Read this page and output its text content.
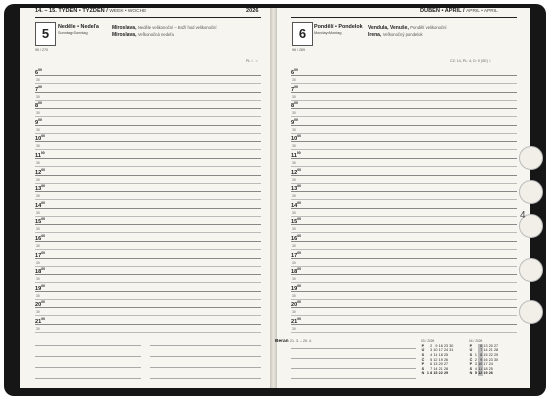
14. – 15. TÝDEN • TÝŽDEŇ / WEEK • WOCHE	2026	DUBEN • APRÍL / APRIL • APRIL
5
95 / 270
Neděle • Nedeľa
Sonntag•Sonntag
Miroslava, Neděle velikonoční – Boží hod velikonoční
Miroslava, Veľkonočná nedeľa
PL ☾ ○
6
96 / 269
Pondělí • Pondelok
Monday•Montag
Vendula, Venuše, Pondělí velikonoční
Irena, Veľkonočný pondelok
CZ: 14, PL: 4, D: 9 (SE) ☾
$6^{00}$
30
$7^{00}$
30
$8^{00}$
30
$9^{00}$
30
$10^{00}$
30
$11^{00}$
30
$12^{00}$
30
$13^{00}$
30
$14^{00}$
30
$15^{00}$
30
$16^{00}$
30
$17^{00}$
30
$18^{00}$
30
$19^{00}$
30
$20^{00}$
30
$21^{00}$
30
$6^{00}$
30
$7^{00}$
30
$8^{00}$
30
$9^{00}$
30
$10^{00}$
30
$11^{00}$
30
$12^{00}$
30
$13^{00}$
30
$14^{00}$
30
$15^{00}$
30
$16^{00}$
30
$17^{00}$
30
$18^{00}$
30
$19^{00}$
30
$20^{00}$
30
$21^{00}$
30
Beran 21. 3. – 20. 4.	03 / 2026
P		2	9	16	23	30
Ú		3	10	17	24	31
S		4	11	18	25	
Č		5	12	19	26	
P		6	13	20	27	
S		7	14	21	28	
N	1	8	15	22	29	
04 / 2026
P		6	13	20	27
Ú		7	14	21	28
S	1	8	15	22	29
Č	2	9	16	23	30
P	3	10	17	24	
S	4	11	18	25	
N	5	12	19	26	
4
